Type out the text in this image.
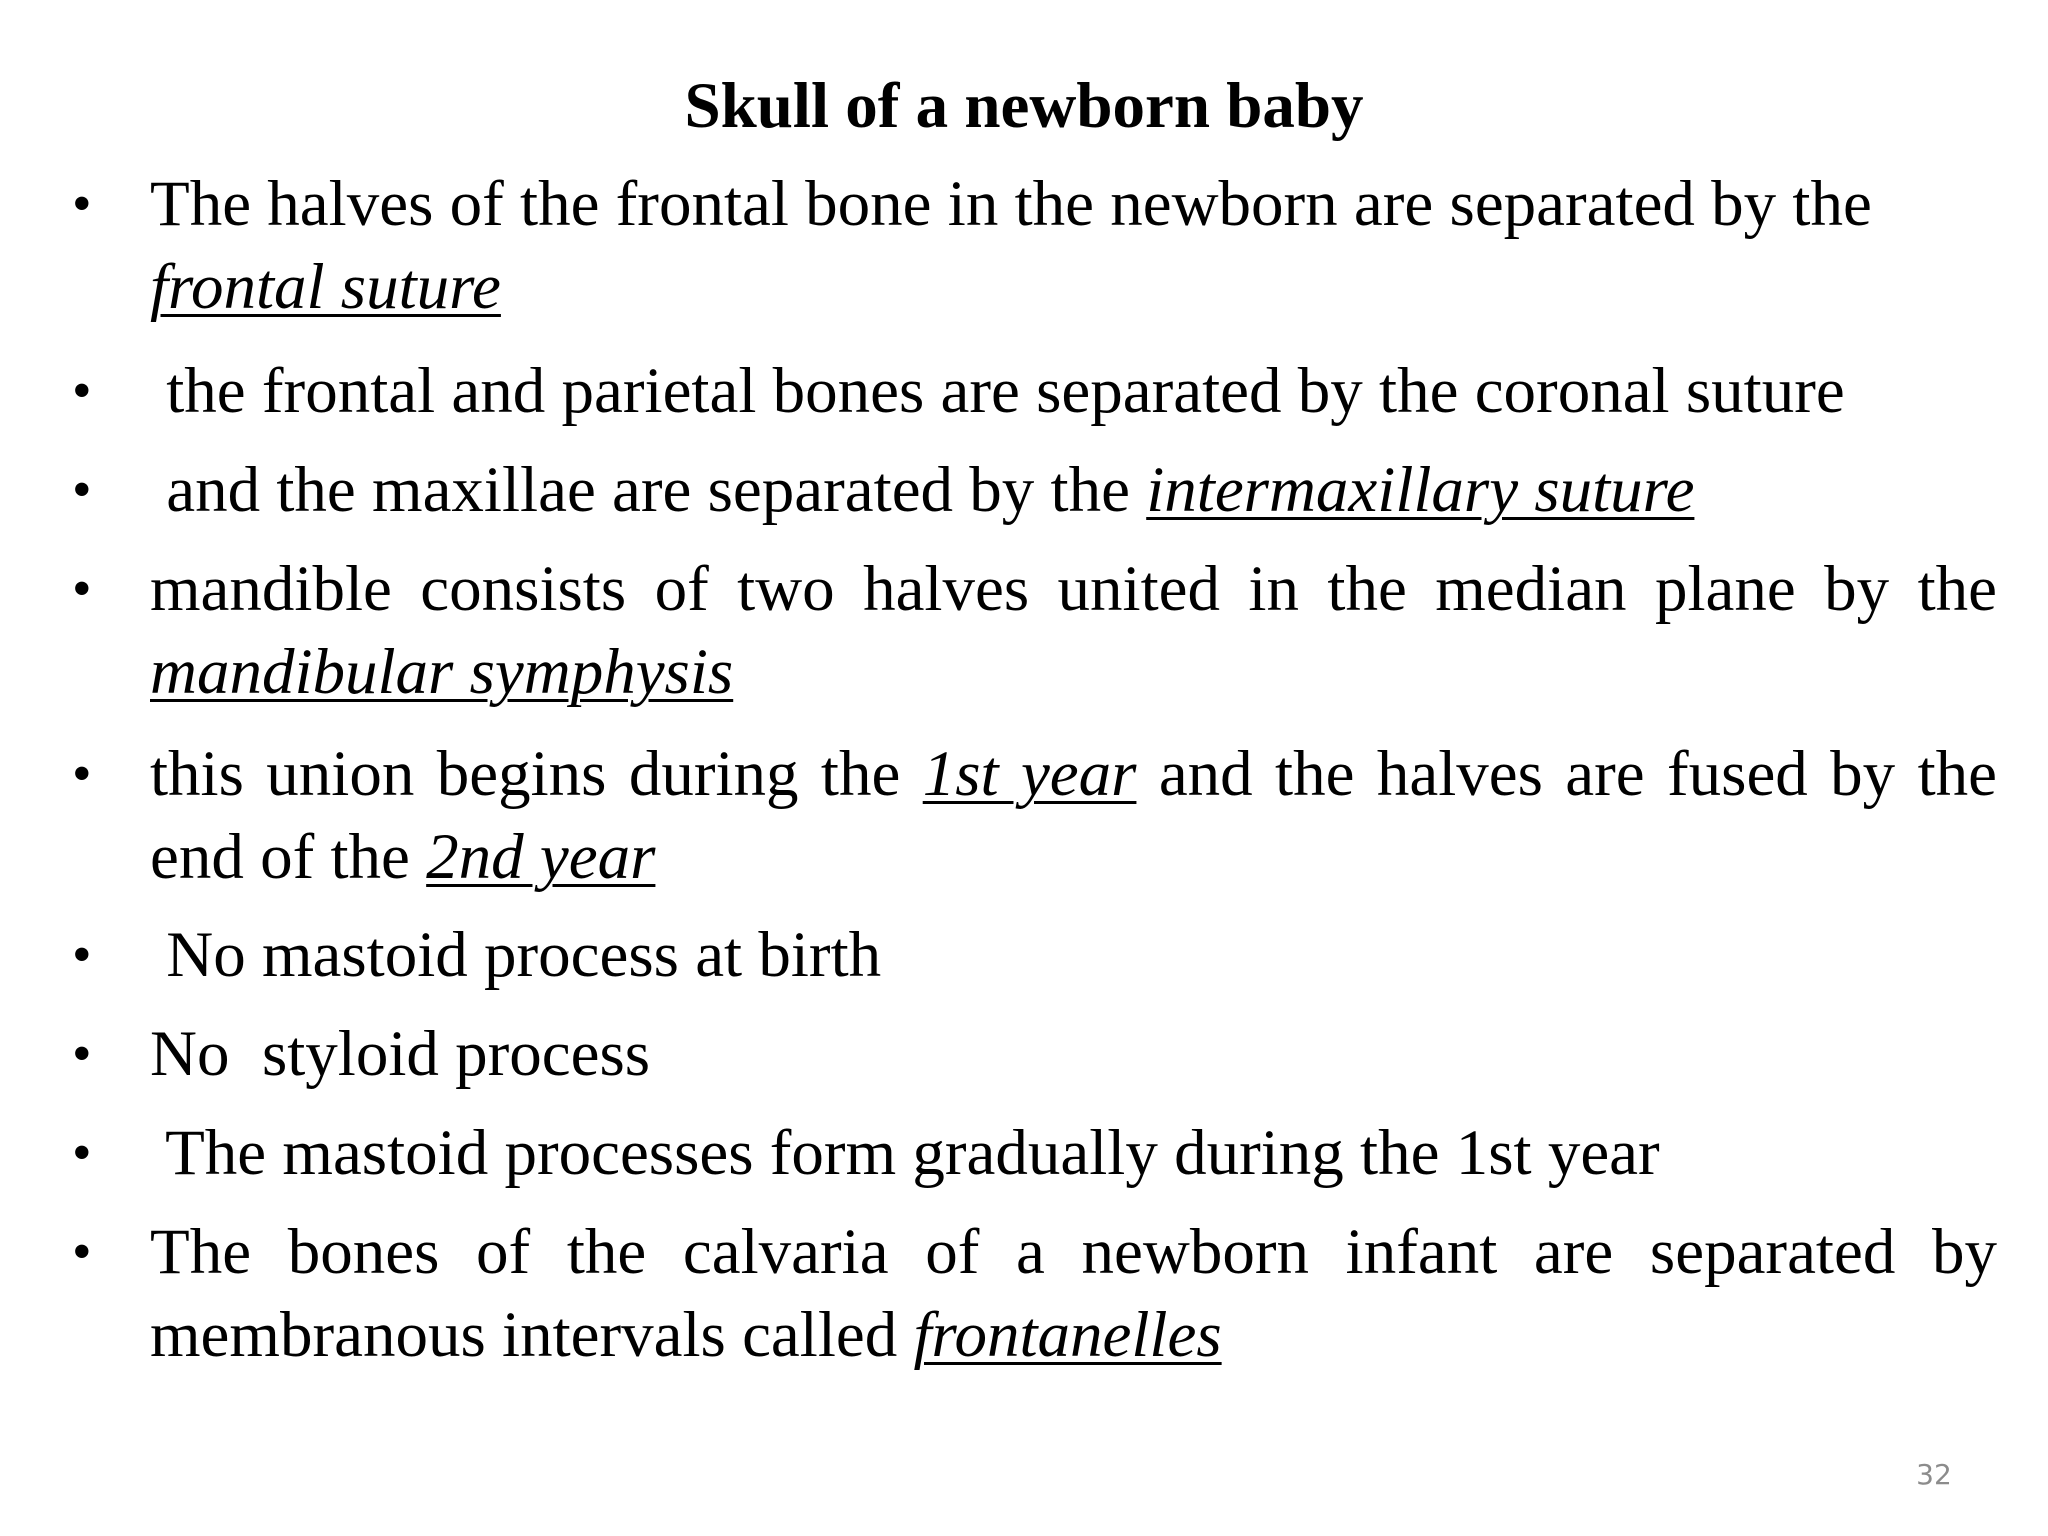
Skull of a newborn baby
• The halves of the frontal bone in the newborn are separated by the frontal suture
• the frontal and parietal bones are separated by the coronal suture
• and the maxillae are separated by the intermaxillary suture
• mandible consists of two halves united in the median plane by the mandibular symphysis
• this union begins during the 1st year and the halves are fused by the end of the 2nd year
• No mastoid process at birth
• No  styloid process
• The mastoid processes form gradually during the 1st year
• The bones of the calvaria of a newborn infant are separated by membranous intervals called frontanelles
32
